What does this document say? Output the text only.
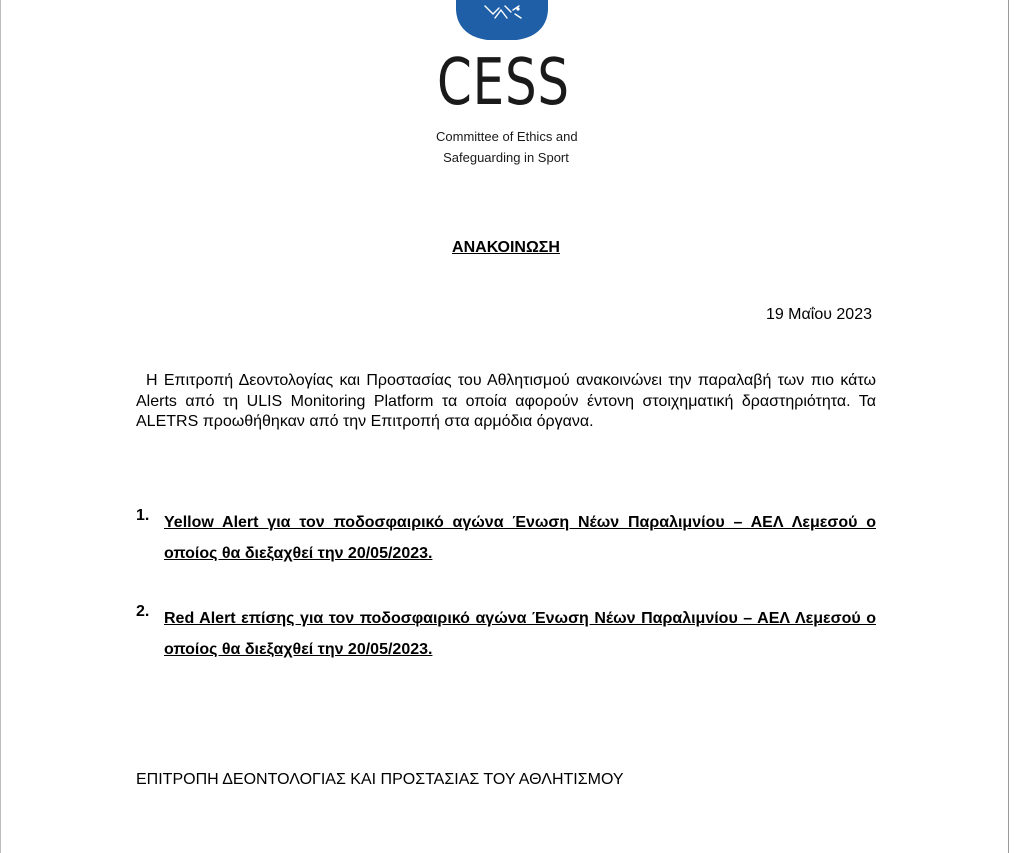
CESS
Committee of Ethics and
Safeguarding in Sport
ΑΝΑΚΟΙΝΩΣΗ
19 Μαΐου 2023
Η Επιτροπή Δεοντολογίας και Προστασίας του Αθλητισμού ανακοινώνει την παραλαβή των πιο κάτω Alerts από τη ULIS Monitoring Platform τα οποία αφορούν έντονη στοιχηματική δραστηριότητα. Τα ALETRS προωθήθηκαν από την Επιτροπή στα αρμόδια όργανα.
1. Yellow Alert για τον ποδοσφαιρικό αγώνα Ένωση Νέων Παραλιμνίου – ΑΕΛ Λεμεσού ο οποίος θα διεξαχθεί την 20/05/2023.
2. Red Alert επίσης για τον ποδοσφαιρικό αγώνα Ένωση Νέων Παραλιμνίου – ΑΕΛ Λεμεσού ο οποίος θα διεξαχθεί την 20/05/2023.
ΕΠΙΤΡΟΠΗ ΔΕΟΝΤΟΛΟΓΙΑΣ ΚΑΙ ΠΡΟΣΤΑΣΙΑΣ ΤΟΥ ΑΘΛΗΤΙΣΜΟΥ
